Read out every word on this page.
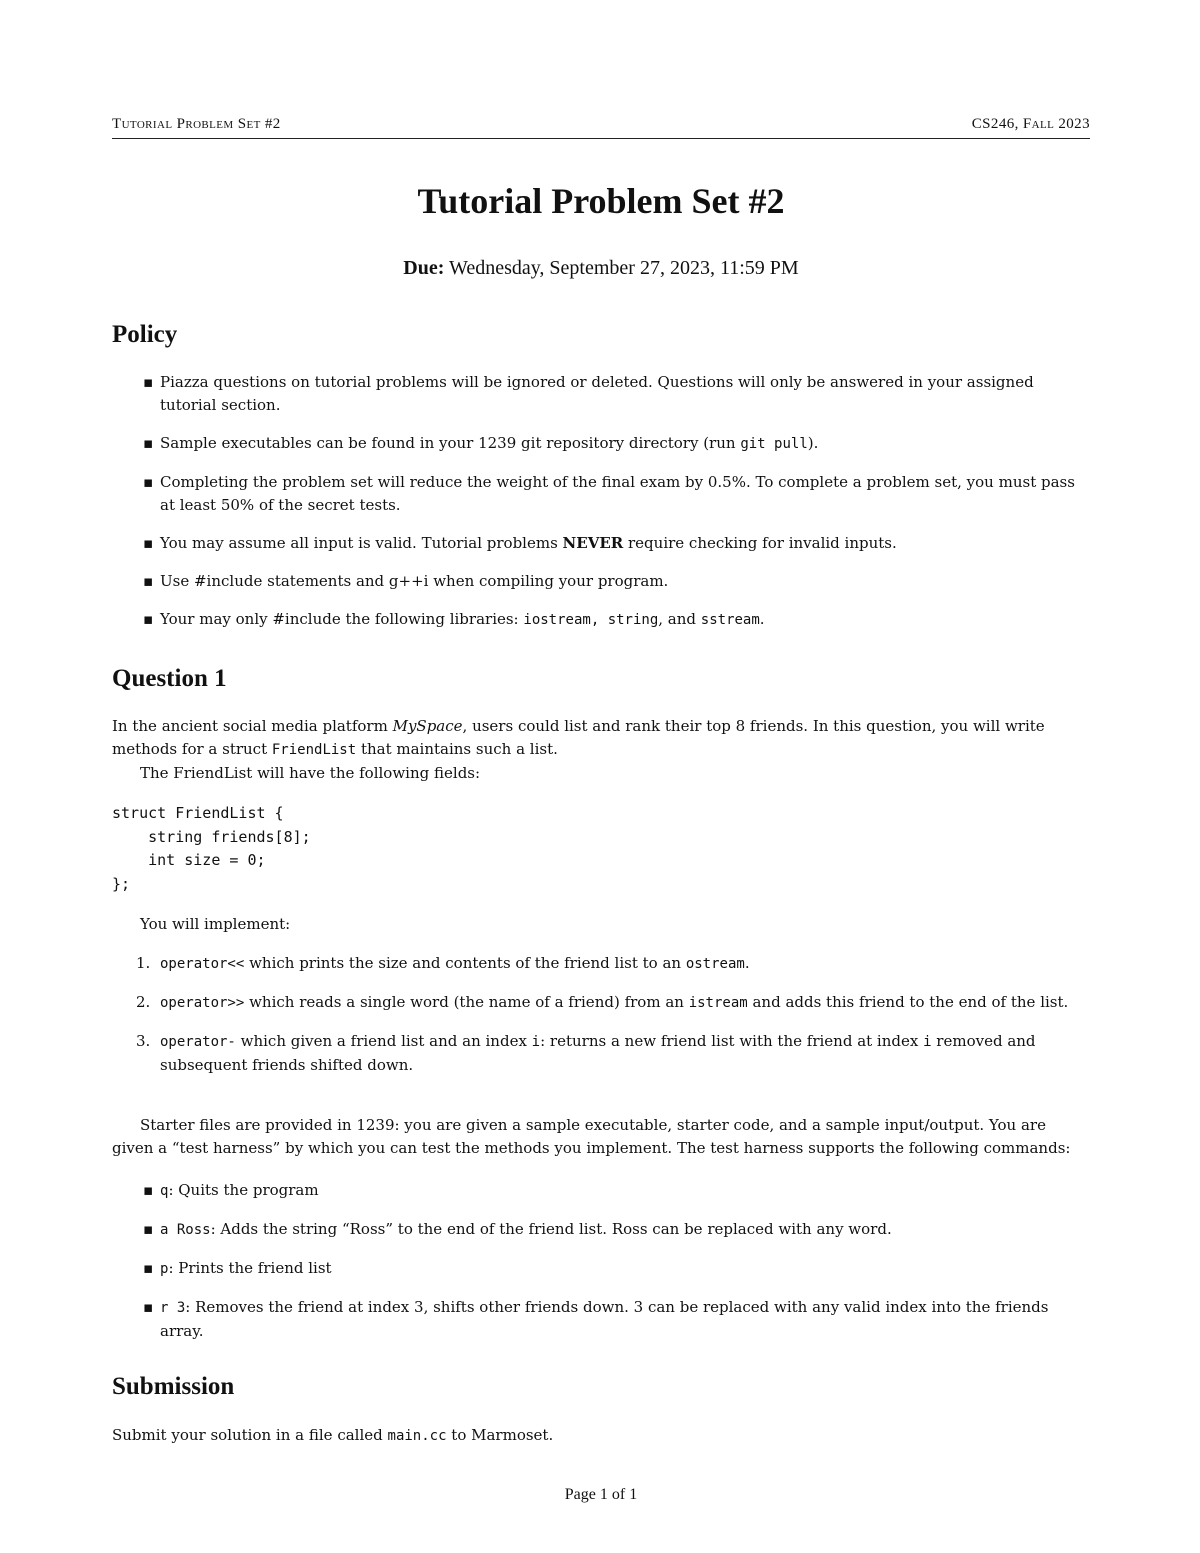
Tutorial Problem Set #2	CS246, Fall 2023
Tutorial Problem Set #2
Due: Wednesday, September 27, 2023, 11:59 PM
Policy
▪ Piazza questions on tutorial problems will be ignored or deleted. Questions will only be answered in your assigned tutorial section.
▪ Sample executables can be found in your 1239 git repository directory (run git pull).
▪ Completing the problem set will reduce the weight of the final exam by 0.5%. To complete a problem set, you must pass at least 50% of the secret tests.
▪ You may assume all input is valid. Tutorial problems NEVER require checking for invalid inputs.
▪ Use #include statements and g++i when compiling your program.
▪ Your may only #include the following libraries: iostream, string, and sstream.
Question 1
In the ancient social media platform MySpace, users could list and rank their top 8 friends. In this question, you will write methods for a struct FriendList that maintains such a list.
The FriendList will have the following fields:
struct FriendList {
string friends[8];
int size = 0;
};
You will implement:
1. operator<< which prints the size and contents of the friend list to an ostream.
2. operator>> which reads a single word (the name of a friend) from an istream and adds this friend to the end of the list.
3. operator- which given a friend list and an index i: returns a new friend list with the friend at index i removed and subsequent friends shifted down.
Starter files are provided in 1239: you are given a sample executable, starter code, and a sample input/output. You are given a “test harness” by which you can test the methods you implement. The test harness supports the following commands:
▪ q: Quits the program
▪ a Ross: Adds the string “Ross” to the end of the friend list. Ross can be replaced with any word.
▪ p: Prints the friend list
▪ r 3: Removes the friend at index 3, shifts other friends down. 3 can be replaced with any valid index into the friends array.
Submission
Submit your solution in a file called main.cc to Marmoset.
Page 1 of 1
